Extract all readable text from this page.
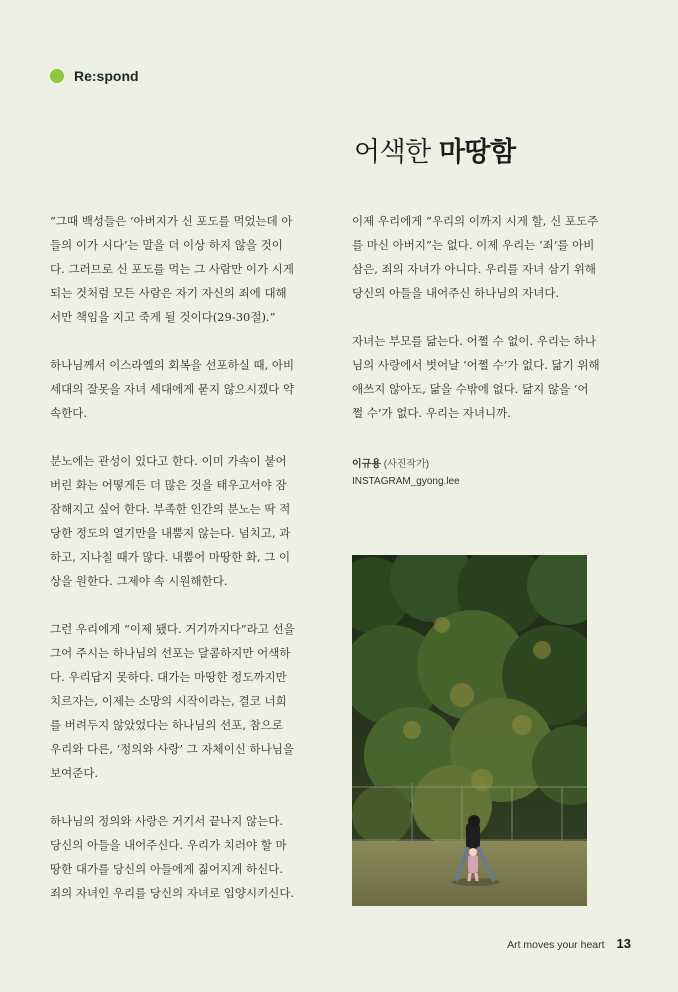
Re:spond
어색한 마땅함

“그때 백성들은 ‘아버지가 신 포도를 먹었는데 아
들의 이가 시다’는 말을 더 이상 하지 않을 것이
다. 그러므로 신 포도를 먹는 그 사람만 이가 시게
되는 것처럼 모든 사람은 자기 자신의 죄에 대해
서만 책임을 지고 죽게 될 것이다(29-30절).”

하나님께서 이스라엘의 회복을 선포하실 때, 아비
세대의 잘못을 자녀 세대에게 묻지 않으시겠다 약
속한다.

분노에는 관성이 있다고 한다. 이미 가속이 붙어
버린 화는 어떻게든 더 많은 것을 태우고서야 잠
잠해지고 싶어 한다. 부족한 인간의 분노는 딱 적
당한 정도의 열기만을 내뿜지 않는다. 넘치고, 과
하고, 지나칠 때가 많다. 내뿜어 마땅한 화, 그 이
상을 원한다. 그제야 속 시원해한다.

그런 우리에게 “이제 됐다. 거기까지다”라고 선을
그어 주시는 하나님의 선포는 달콤하지만 어색하
다. 우리답지 못하다. 대가는 마땅한 정도까지만
치르자는, 이제는 소망의 시작이라는, 결코 너희
를 버려두지 않았었다는 하나님의 선포, 참으로
우리와 다른, ‘정의와 사랑’ 그 자체이신 하나님을
보여준다.

하나님의 정의와 사랑은 거기서 끝나지 않는다.
당신의 아들을 내어주신다. 우리가 치러야 할 마
땅한 대가를 당신의 아들에게 짊어지게 하신다.
죄의 자녀인 우리를 당신의 자녀로 입양시키신다.

이제 우리에게 “우리의 이까지 시게 할, 신 포도주
를 마신 아버지”는 없다. 이제 우리는 ‘죄’를 아비
삼은, 죄의 자녀가 아니다. 우리를 자녀 삼기 위해
당신의 아들을 내어주신 하나님의 자녀다.

자녀는 부모를 닮는다. 어쩔 수 없이. 우리는 하나
님의 사랑에서 벗어날 ‘어쩔 수’가 없다. 닮기 위해
애쓰지 않아도, 닮을 수밖에 없다. 닮지 않을 ‘어
쩔 수’가 없다. 우리는 자녀니까.

이규용 (사진작가)
INSTAGRAM_gyong.lee
Art moves your heart 13
